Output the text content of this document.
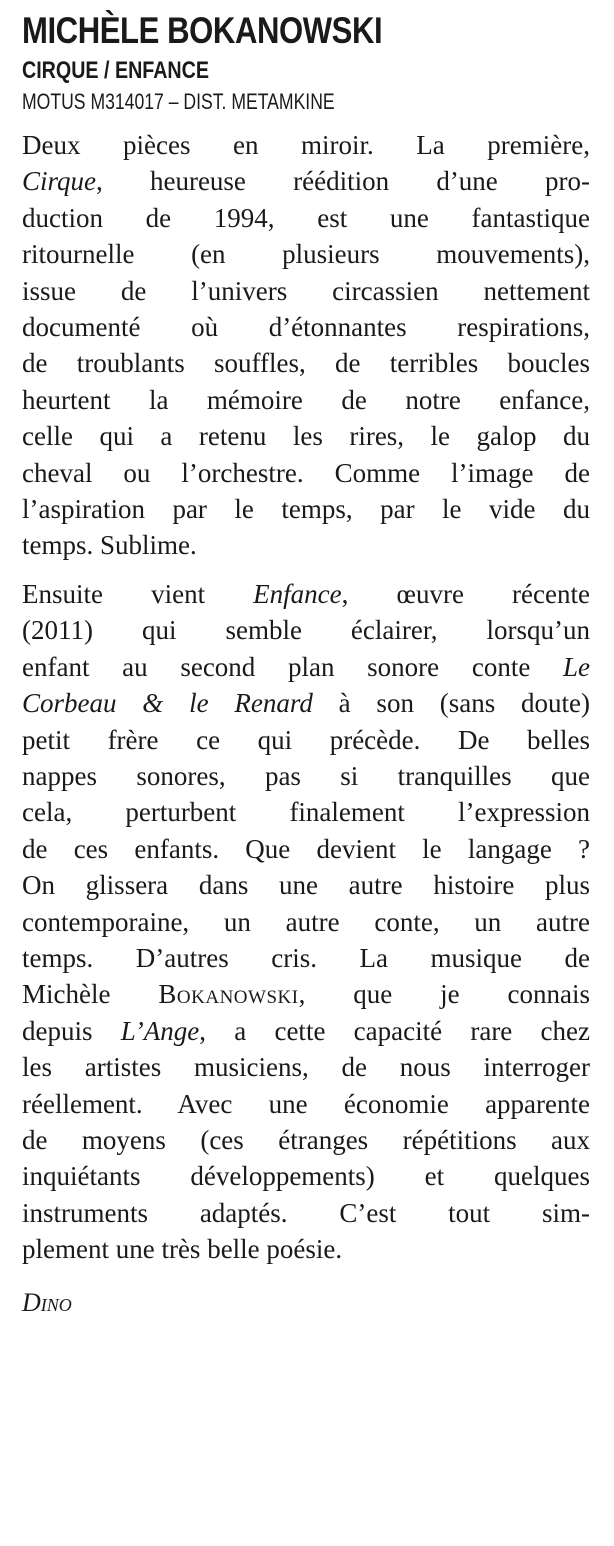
MICHÈLE BOKANOWSKI
CIRQUE / ENFANCE
MOTUS M314017 – DIST. METAMKINE

Deux pièces en miroir. La première,
Cirque, heureuse réédition d’une pro-
duction de 1994, est une fantastique
ritournelle (en plusieurs mouvements),
issue de l’univers circassien nettement
documenté où d’étonnantes respirations,
de troublants souffles, de terribles boucles
heurtent la mémoire de notre enfance,
celle qui a retenu les rires, le galop du
cheval ou l’orchestre. Comme l’image de
l’aspiration par le temps, par le vide du
temps. Sublime.

Ensuite vient Enfance, œuvre récente
(2011) qui semble éclairer, lorsqu’un
enfant au second plan sonore conte Le
Corbeau & le Renard à son (sans doute)
petit frère ce qui précède. De belles
nappes sonores, pas si tranquilles que
cela, perturbent finalement l’expression
de ces enfants. Que devient le langage ?
On glissera dans une autre histoire plus
contemporaine, un autre conte, un autre
temps. D’autres cris. La musique de
Michèle Bokanowski, que je connais
depuis L’Ange, a cette capacité rare chez
les artistes musiciens, de nous interroger
réellement. Avec une économie apparente
de moyens (ces étranges répétitions aux
inquiétants développements) et quelques
instruments adaptés. C’est tout sim-
plement une très belle poésie.

Dino
